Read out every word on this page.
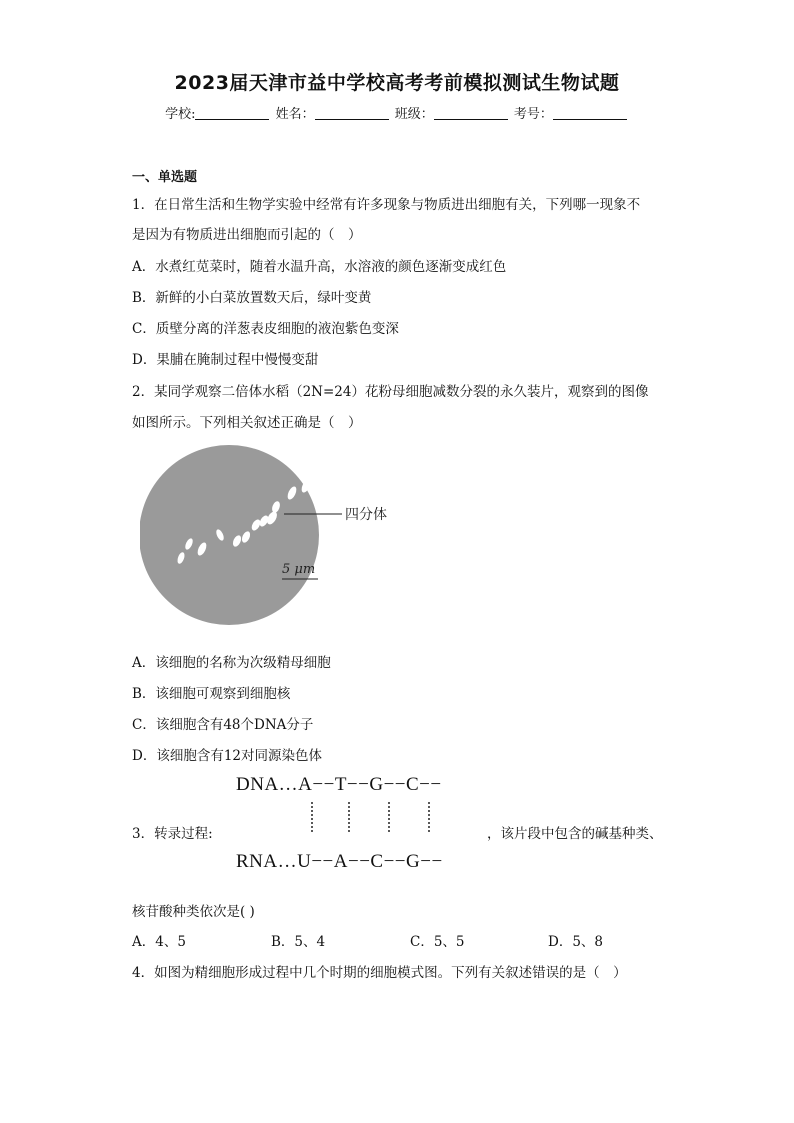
2023届天津市益中学校高考考前模拟测试生物试题
学校:	姓名：	班级：	考号：
一、单选题
1．在日常生活和生物学实验中经常有许多现象与物质进出细胞有关，下列哪一现象不
是因为有物质进出细胞而引起的（　）
A．水煮红苋菜时，随着水温升高，水溶液的颜色逐渐变成红色
B．新鲜的小白菜放置数天后，绿叶变黄
C．质壁分离的洋葱表皮细胞的液泡紫色变深
D．果脯在腌制过程中慢慢变甜
2．某同学观察二倍体水稻（2N=24）花粉母细胞减数分裂的永久装片，观察到的图像
如图所示。下列相关叙述正确是（　）
四分体
5 μm
A．该细胞的名称为次级精母细胞
B．该细胞可观察到细胞核
C．该细胞含有48个DNA分子
D．该细胞含有12对同源染色体
DNA…A−−T−−G−−C−−
3．转录过程:	，该片段中包含的碱基种类、
RNA…U−−A−−C−−G−−
核苷酸种类依次是( )
A．4、5	B．5、4	C．5、5	D．5、8
4．如图为精细胞形成过程中几个时期的细胞模式图。下列有关叙述错误的是（　）
